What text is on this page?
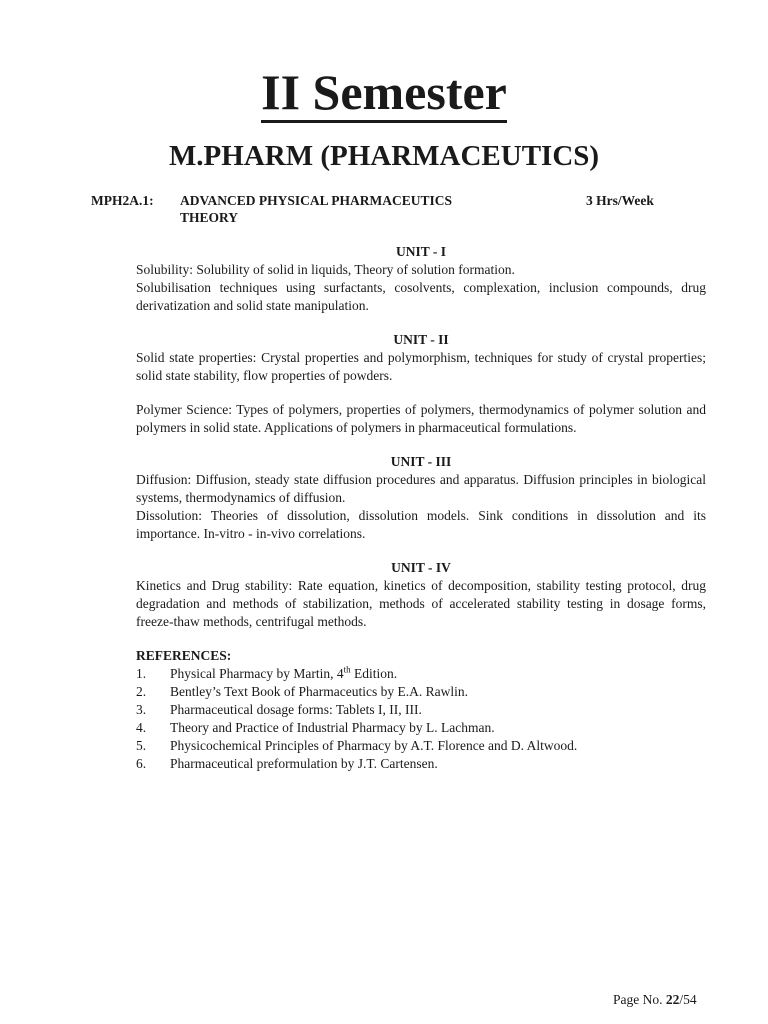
II Semester
M.PHARM (PHARMACEUTICS)
MPH2A.1: ADVANCED PHYSICAL PHARMACEUTICS
THEORY
3 Hrs/Week

UNIT - I

Solubility: Solubility of solid in liquids, Theory of solution formation.

Solubilisation techniques using surfactants, cosolvents, complexation, inclusion compounds, drug derivatization and solid state manipulation.

UNIT - II

Solid state properties: Crystal properties and polymorphism, techniques for study of crystal properties; solid state stability, flow properties of powders.

Polymer Science: Types of polymers, properties of polymers, thermodynamics of polymer solution and polymers in solid state. Applications of polymers in pharmaceutical formulations.

UNIT - III

Diffusion: Diffusion, steady state diffusion procedures and apparatus. Diffusion principles in biological systems, thermodynamics of diffusion.

Dissolution: Theories of dissolution, dissolution models. Sink conditions in dissolution and its importance. In-vitro - in-vivo correlations.

UNIT - IV

Kinetics and Drug stability: Rate equation, kinetics of decomposition, stability testing protocol, drug degradation and methods of stabilization, methods of accelerated stability testing in dosage forms, freeze-thaw methods, centrifugal methods.

REFERENCES:

1.	Physical Pharmacy by Martin, 4th Edition.
2.	Bentley’s Text Book of Pharmaceutics by E.A. Rawlin.
3.	Pharmaceutical dosage forms: Tablets I, II, III.
4.	Theory and Practice of Industrial Pharmacy by L. Lachman.
5.	Physicochemical Principles of Pharmacy by A.T. Florence and D. Altwood.
6.	Pharmaceutical preformulation by J.T. Cartensen.
Page No. 22/54
